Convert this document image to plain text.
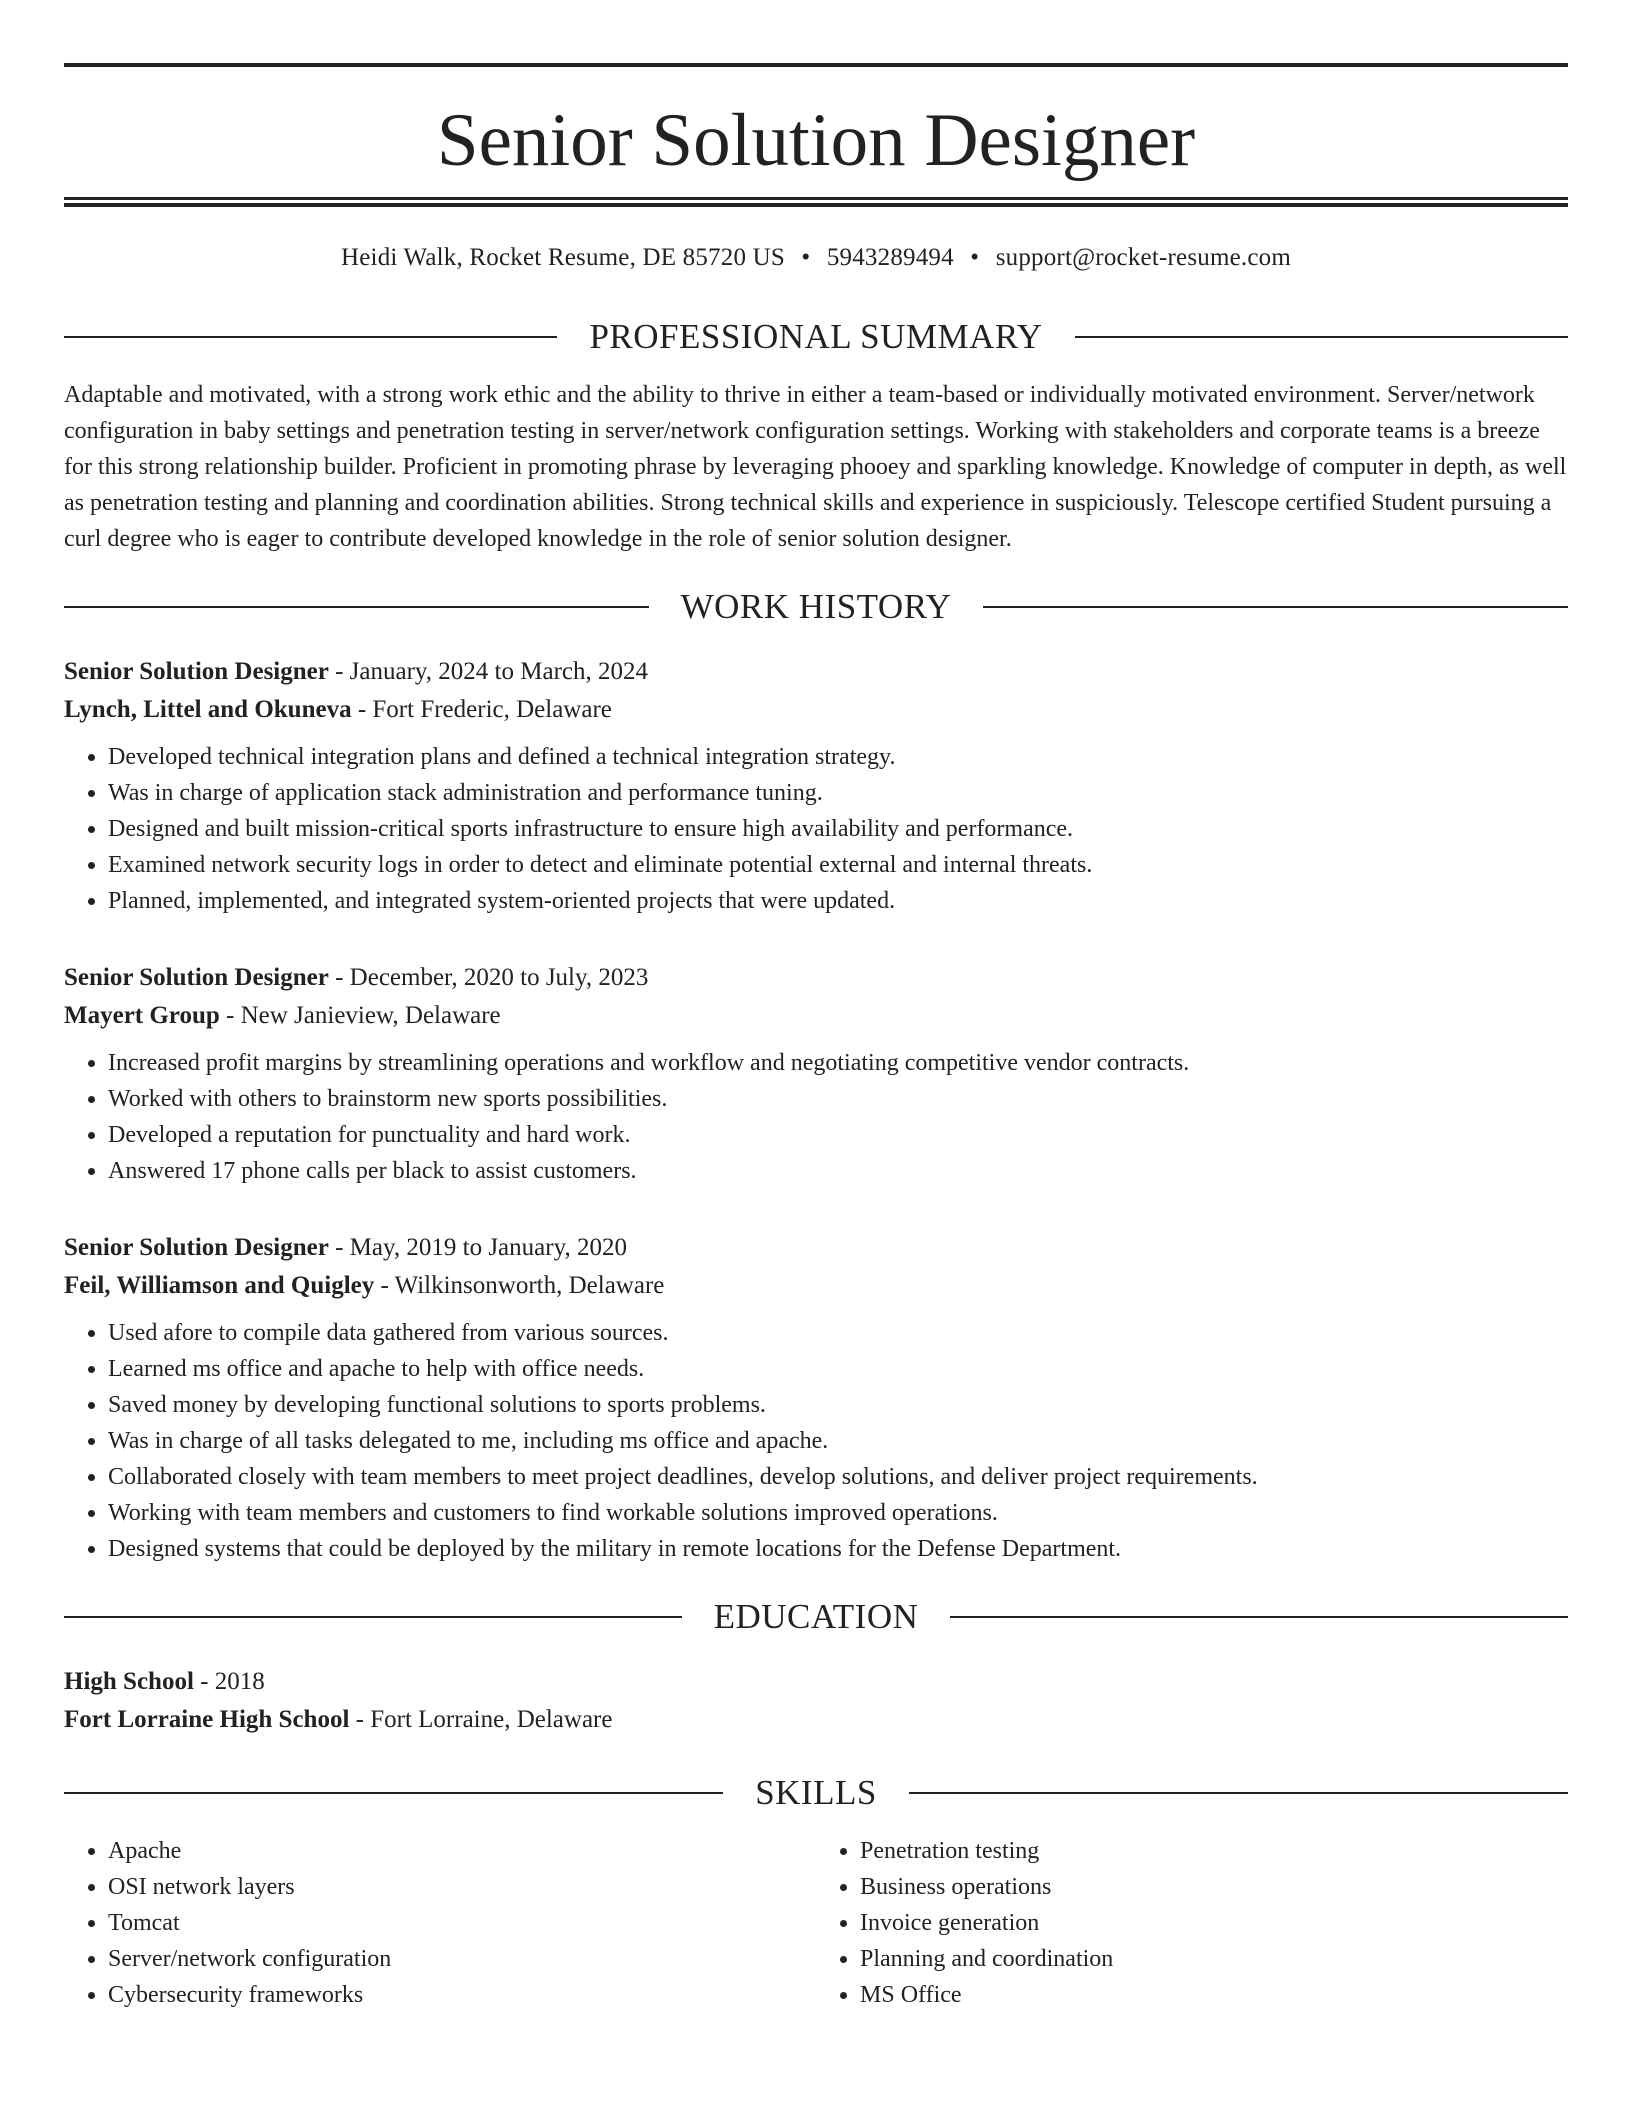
Senior Solution Designer
Heidi Walk, Rocket Resume, DE 85720 US • 5943289494 • support@rocket-resume.com
PROFESSIONAL SUMMARY
Adaptable and motivated, with a strong work ethic and the ability to thrive in either a team-based or individually motivated environment. Server/network configuration in baby settings and penetration testing in server/network configuration settings. Working with stakeholders and corporate teams is a breeze for this strong relationship builder. Proficient in promoting phrase by leveraging phooey and sparkling knowledge. Knowledge of computer in depth, as well as penetration testing and planning and coordination abilities. Strong technical skills and experience in suspiciously. Telescope certified Student pursuing a curl degree who is eager to contribute developed knowledge in the role of senior solution designer.
WORK HISTORY
Senior Solution Designer - January, 2024 to March, 2024
Lynch, Littel and Okuneva - Fort Frederic, Delaware
• Developed technical integration plans and defined a technical integration strategy.
• Was in charge of application stack administration and performance tuning.
• Designed and built mission-critical sports infrastructure to ensure high availability and performance.
• Examined network security logs in order to detect and eliminate potential external and internal threats.
• Planned, implemented, and integrated system-oriented projects that were updated.
Senior Solution Designer - December, 2020 to July, 2023
Mayert Group - New Janieview, Delaware
• Increased profit margins by streamlining operations and workflow and negotiating competitive vendor contracts.
• Worked with others to brainstorm new sports possibilities.
• Developed a reputation for punctuality and hard work.
• Answered 17 phone calls per black to assist customers.
Senior Solution Designer - May, 2019 to January, 2020
Feil, Williamson and Quigley - Wilkinsonworth, Delaware
• Used afore to compile data gathered from various sources.
• Learned ms office and apache to help with office needs.
• Saved money by developing functional solutions to sports problems.
• Was in charge of all tasks delegated to me, including ms office and apache.
• Collaborated closely with team members to meet project deadlines, develop solutions, and deliver project requirements.
• Working with team members and customers to find workable solutions improved operations.
• Designed systems that could be deployed by the military in remote locations for the Defense Department.
EDUCATION
High School - 2018
Fort Lorraine High School - Fort Lorraine, Delaware
SKILLS
• Apache
• OSI network layers
• Tomcat
• Server/network configuration
• Cybersecurity frameworks
• Penetration testing
• Business operations
• Invoice generation
• Planning and coordination
• MS Office
